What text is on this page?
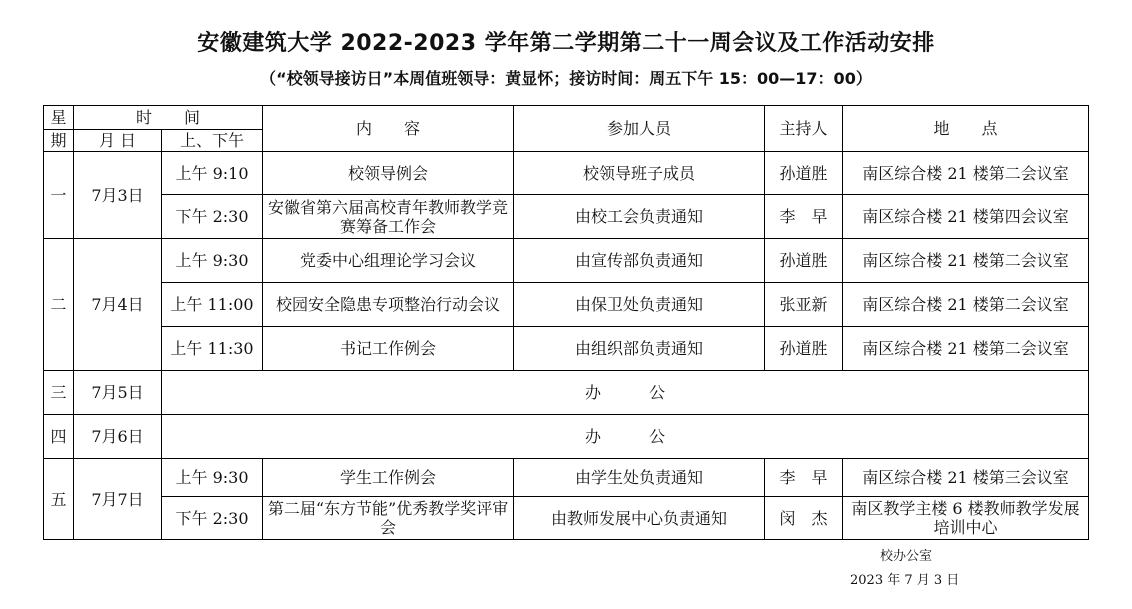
安徽建筑大学 2022-2023 学年第二学期第二十一周会议及工作活动安排
（“校领导接访日”本周值班领导：黄显怀；接访时间：周五下午 15：00—17：00）
星	时　　间		内　　容	参加人员	主持人	地　　点
期	月 日	上、下午				
一	7月3日	上午 9:10	校领导例会	校领导班子成员	孙道胜	南区综合楼 21 楼第二会议室
		下午 2:30	安徽省第六届高校青年教师教学竞赛筹备工作会	由校工会负责通知	李　早	南区综合楼 21 楼第四会议室
二	7月4日	上午 9:30	党委中心组理论学习会议	由宣传部负责通知	孙道胜	南区综合楼 21 楼第二会议室
		上午 11:00	校园安全隐患专项整治行动会议	由保卫处负责通知	张亚新	南区综合楼 21 楼第二会议室
		上午 11:30	书记工作例会	由组织部负责通知	孙道胜	南区综合楼 21 楼第二会议室
三	7月5日	办　　　公				
四	7月6日	办　　　公				
五	7月7日	上午 9:30	学生工作例会	由学生处负责通知	李　早	南区综合楼 21 楼第三会议室
		下午 2:30	第二届“东方节能”优秀教学奖评审会	由教师发展中心负责通知	闵　杰	南区教学主楼 6 楼教师教学发展培训中心
校办公室
2023 年 7 月 3 日
